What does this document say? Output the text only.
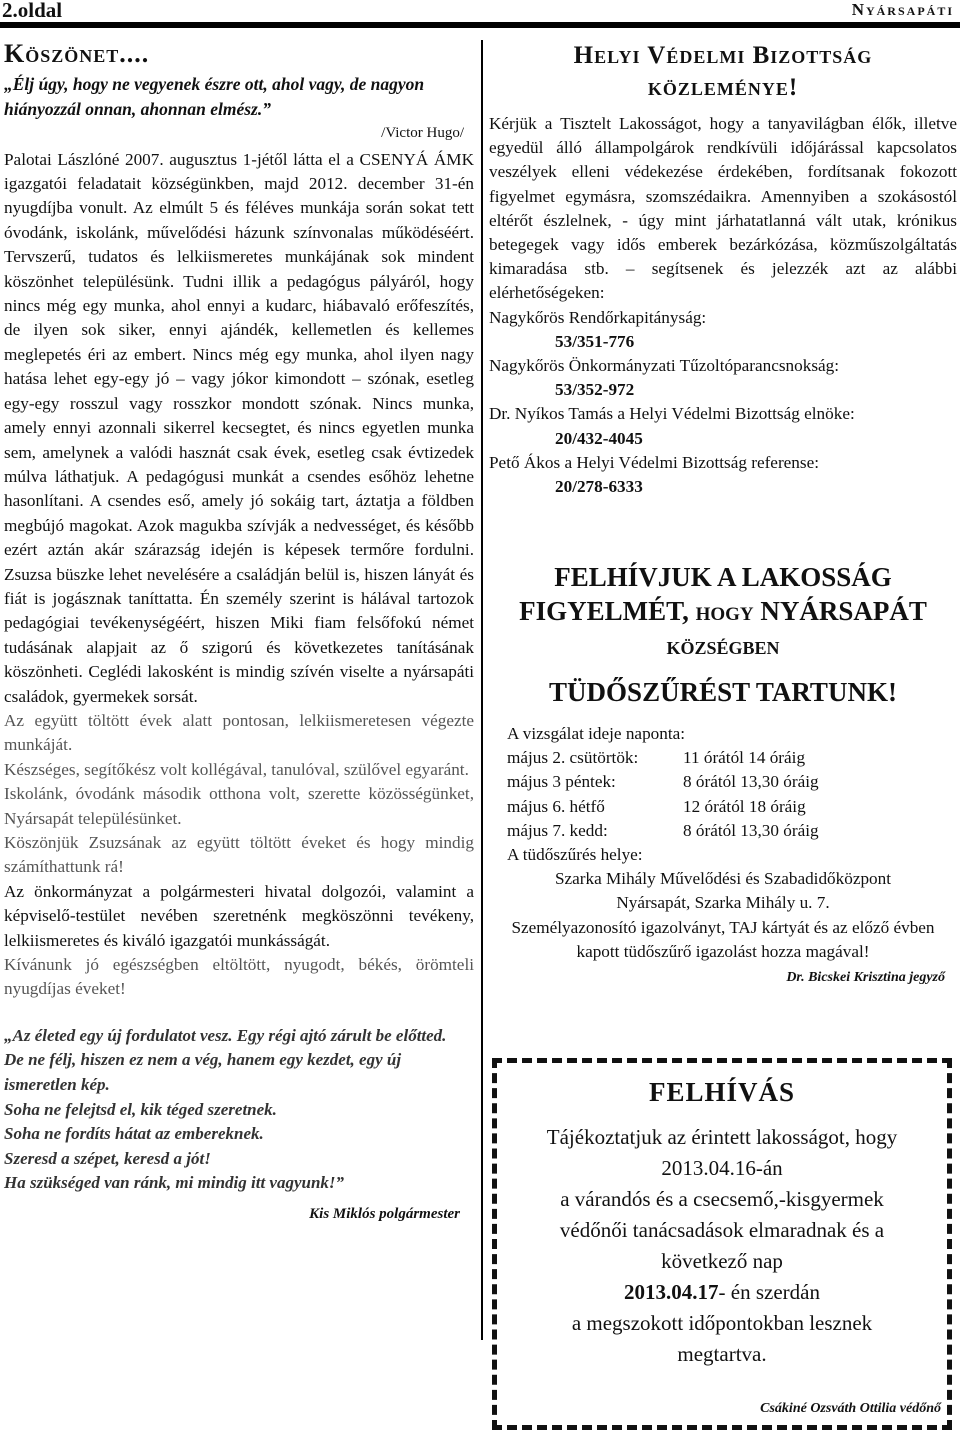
2.oldal	Nyársapáti

Köszönet....

„Élj úgy, hogy ne vegyenek észre ott, ahol vagy, de nagyon hiányozzál onnan, ahonnan elmész.”

/Victor Hugo/

Palotai Lászlóné 2007. augusztus 1-jétől látta el a CSENYÁ ÁMK igazgatói feladatait községünkben, majd 2012. december 31-én nyugdíjba vonult. Az elmúlt 5 és féléves munkája során sokat tett óvodánk, iskolánk, művelődési házunk színvonalas működéséért. Tervszerű, tudatos és lelkiismeretes munkájának sok mindent köszönhet településünk. Tudni illik a pedagógus pályáról, hogy nincs még egy munka, ahol ennyi a kudarc, hiábavaló erőfeszítés, de ilyen sok siker, ennyi ajándék, kellemetlen és kellemes meglepetés éri az embert. Nincs még egy munka, ahol ilyen nagy hatása lehet egy-egy jó – vagy jókor kimondott – szónak, esetleg egy-egy rosszul vagy rosszkor mondott szónak. Nincs munka, amely ennyi azonnali sikerrel kecsegtet, és nincs egyetlen munka sem, amelynek a valódi hasznát csak évek, esetleg csak évtizedek múlva láthatjuk. A pedagógusi munkát a csendes esőhöz lehetne hasonlítani. A csendes eső, amely jó sokáig tart, áztatja a földben megbújó magokat. Azok magukba szívják a nedvességet, és később ezért aztán akár szárazság idején is képesek termőre fordulni. Zsuzsa büszke lehet nevelésére a családján belül is, hiszen lányát és fiát is jogásznak taníttatta. Én személy szerint is hálával tartozok pedagógiai tevékenységéért, hiszen Miki fiam felsőfokú német tudásának alapjait az ő szigorú és következetes tanításának köszönheti. Ceglédi lakosként is mindig szívén viselte a nyársapáti családok, gyermekek sorsát.

Az együtt töltött évek alatt pontosan, lelkiismeretesen végezte munkáját.

Készséges, segítőkész volt kollégával, tanulóval, szülővel egyaránt.

Iskolánk, óvodánk második otthona volt, szerette közösségünket, Nyársapát településünket.

Köszönjük Zsuzsának az együtt töltött éveket és hogy mindig számíthattunk rá!

Az önkormányzat a polgármesteri hivatal dolgozói, valamint a képviselő-testület nevében szeretnénk megköszönni tevékeny, lelkiismeretes és kiváló igazgatói munkásságát.

Kívánunk jó egészségben eltöltött, nyugodt, békés, örömteli nyugdíjas éveket!

„Az életed egy új fordulatot vesz. Egy régi ajtó zárult be előtted.
De ne félj, hiszen ez nem a vég, hanem egy kezdet, egy új ismeretlen kép.
Soha ne felejtsd el, kik téged szeretnek.
Soha ne fordíts hátat az embereknek.
Szeresd a szépet, keresd a jót!
Ha szükséged van ránk, mi mindig itt vagyunk!”

Kis Miklós polgármester

Helyi Védelmi Bizottság
közleménye!

Kérjük a Tisztelt Lakosságot, hogy a tanyavilágban élők, illetve egyedül álló állampolgárok rendkívüli időjárással kapcsolatos veszélyek elleni védekezése érdekében, fordítsanak fokozott figyelmet egymásra, szomszédaikra. Amennyiben a szokásostól eltérőt észlelnek, - úgy mint járhatatlanná vált utak, krónikus betegegek vagy idős emberek bezárkózása, közműszolgáltatás kimaradása stb. – segítsenek és jelezzék azt az alábbi elérhetőségeken:

Nagykőrös Rendőrkapitányság:

53/351-776

Nagykőrös Önkormányzati Tűzoltóparancsnokság:

53/352-972

Dr. Nyíkos Tamás a Helyi Védelmi Bizottság elnöke:

20/432-4045

Pető Ákos a Helyi Védelmi Bizottság referense:

20/278-6333

FELHÍVJUK A LAKOSSÁG
FIGYELMÉT, HOGY NYÁRSAPÁT
KÖZSÉGBEN
TÜDŐSZŰRÉST TARTUNK!
A vizsgálat ideje naponta:
május 2. csütörtök:	11 órától 14 óráig
május 3 péntek:	8 órától 13,30 óráig
május 6. hétfő	12 órától 18 óráig
május 7. kedd:	8 órától 13,30 óráig
A tüdőszűrés helye:
Szarka Mihály Művelődési és Szabadidőközpont
Nyársapát, Szarka Mihály u. 7.
Személyazonosító igazolványt, TAJ kártyát és az előző évben kapott tüdőszűrő igazolást hozza magával!
Dr. Bicskei Krisztina jegyző
FELHÍVÁS
Tájékoztatjuk az érintett lakosságot, hogy
2013.04.16-án
a várandós és a csecsemő,-kisgyermek
védőnői tanácsadások elmaradnak és a
következő nap
2013.04.17- én szerdán
a megszokott időpontokban lesznek
megtartva.
Csákiné Ozsváth Ottilia védőnő
